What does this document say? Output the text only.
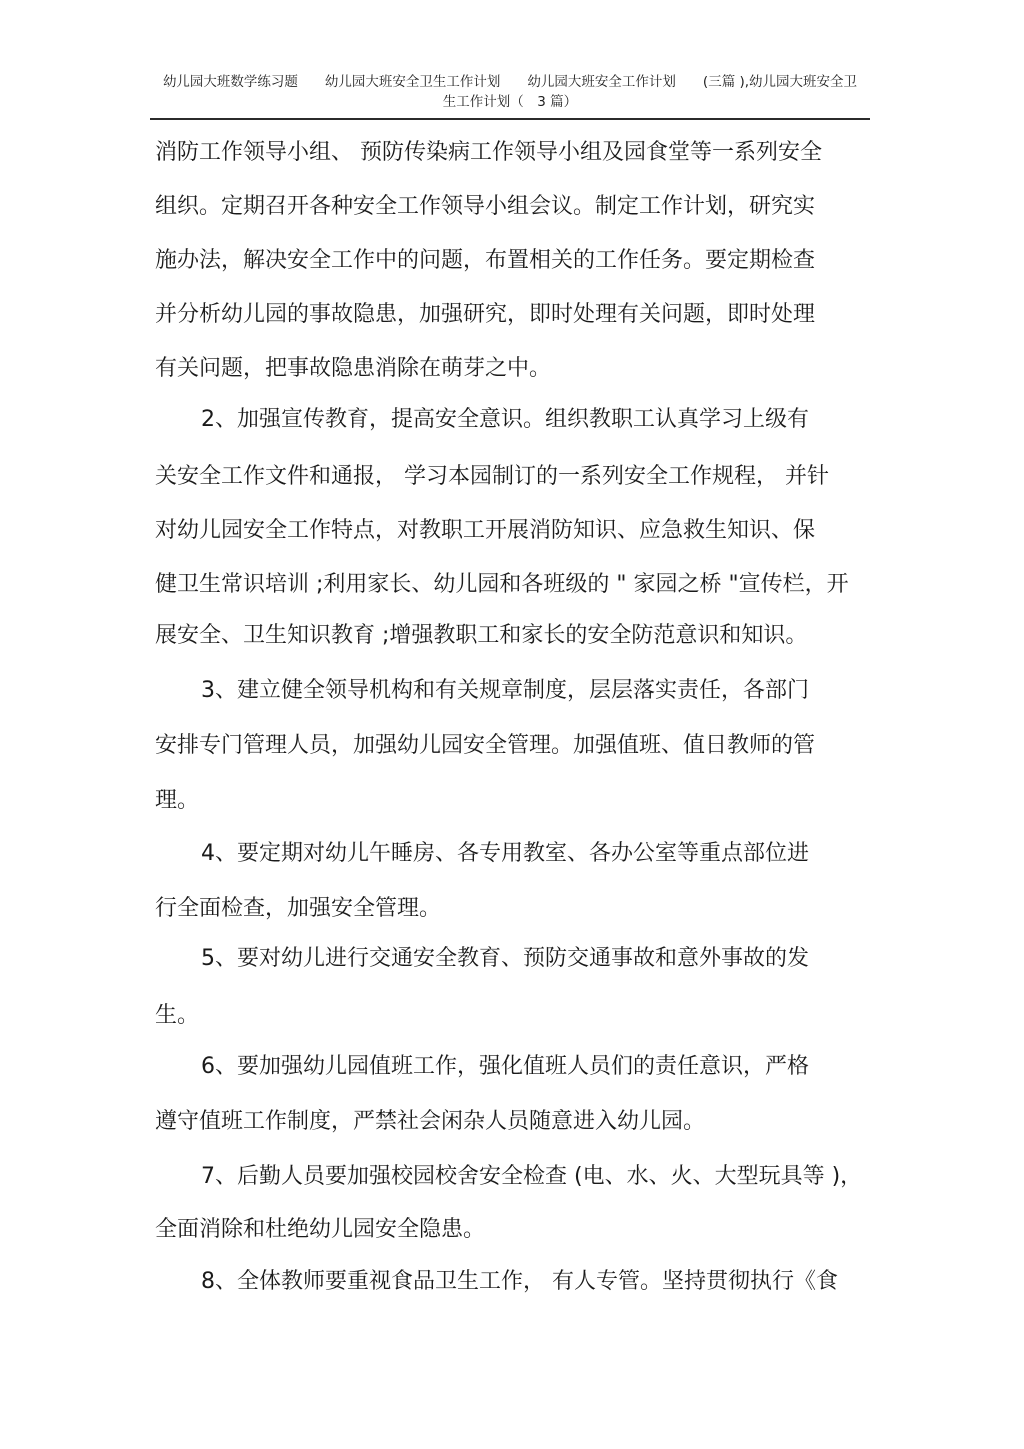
幼儿园大班数学练习题　　幼儿园大班安全卫生工作计划　　幼儿园大班安全工作计划　　(三篇 ),幼儿园大班安全卫
生工作计划（　3 篇）
消防工作领导小组、 预防传染病工作领导小组及园食堂等一系列安全
组织。定期召开各种安全工作领导小组会议。制定工作计划，研究实
施办法，解决安全工作中的问题，布置相关的工作任务。要定期检查
并分析幼儿园的事故隐患，加强研究，即时处理有关问题，即时处理
有关问题，把事故隐患消除在萌芽之中。
2、加强宣传教育，提高安全意识。组织教职工认真学习上级有
关安全工作文件和通报， 学习本园制订的一系列安全工作规程， 并针
对幼儿园安全工作特点，对教职工开展消防知识、应急救生知识、保
健卫生常识培训 ;利用家长、幼儿园和各班级的 " 家园之桥 "宣传栏，开
展安全、卫生知识教育 ;增强教职工和家长的安全防范意识和知识。
3、建立健全领导机构和有关规章制度，层层落实责任，各部门
安排专门管理人员，加强幼儿园安全管理。加强值班、值日教师的管
理。
4、要定期对幼儿午睡房、各专用教室、各办公室等重点部位进
行全面检查，加强安全管理。
5、要对幼儿进行交通安全教育、预防交通事故和意外事故的发
生。
6、要加强幼儿园值班工作，强化值班人员们的责任意识，严格
遵守值班工作制度，严禁社会闲杂人员随意进入幼儿园。
7、后勤人员要加强校园校舍安全检查 (电、水、火、大型玩具等 )，
全面消除和杜绝幼儿园安全隐患。
8、全体教师要重视食品卫生工作， 有人专管。坚持贯彻执行《食
